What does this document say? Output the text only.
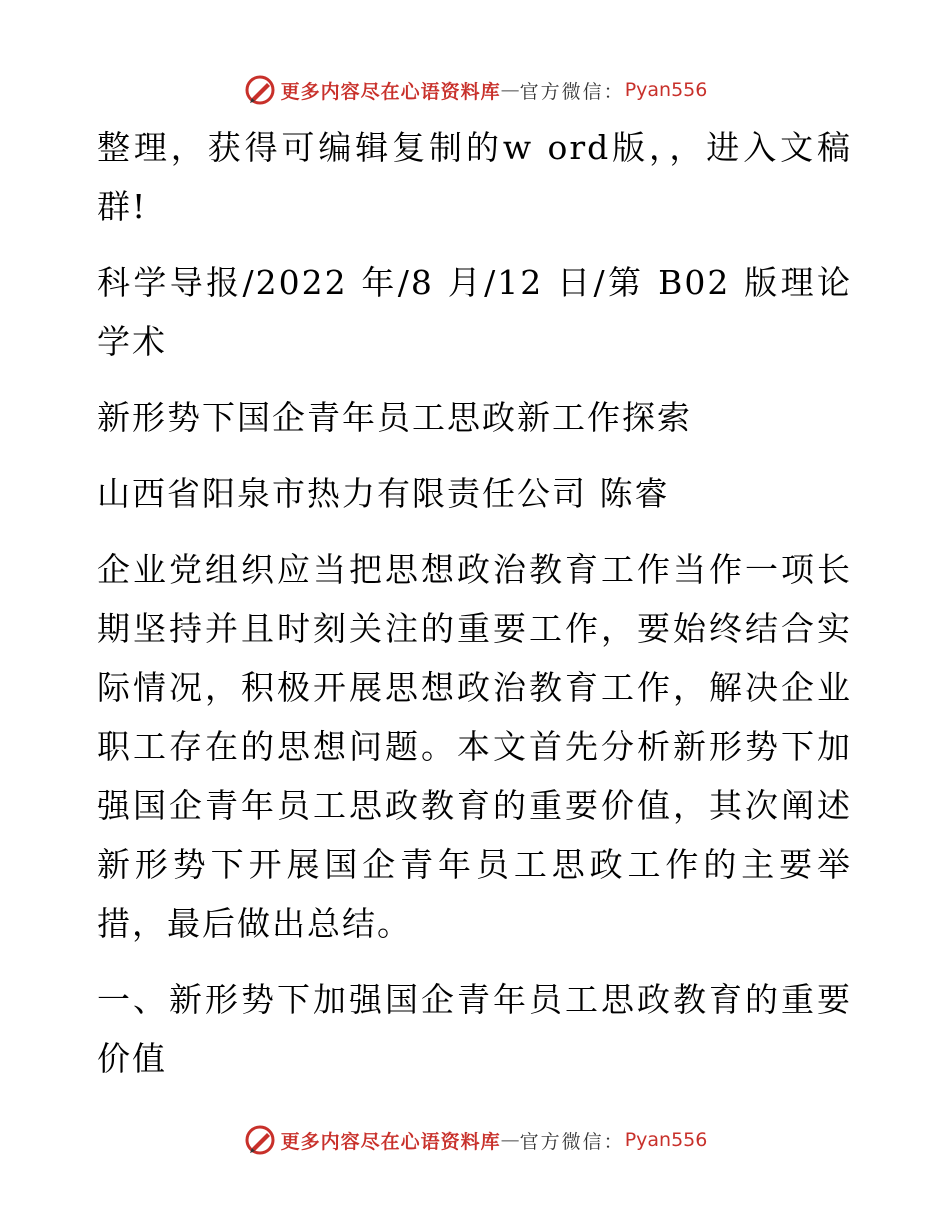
更多内容尽在心语资料库 — 官方微信： Pyan556

整理，获得可编辑复制的w ord版，，进入文稿群!

科学导报/2022 年/8 月/12 日/第 B02 版理论学术

新形势下国企青年员工思政新工作探索

山西省阳泉市热力有限责任公司 陈睿

企业党组织应当把思想政治教育工作当作一项长期坚持并且时刻关注的重要工作，要始终结合实际情况，积极开展思想政治教育工作，解决企业职工存在的思想问题。本文首先分析新形势下加强国企青年员工思政教育的重要价值，其次阐述新形势下开展国企青年员工思政工作的主要举措，最后做出总结。

一、新形势下加强国企青年员工思政教育的重要价值

更多内容尽在心语资料库 — 官方微信： Pyan556
